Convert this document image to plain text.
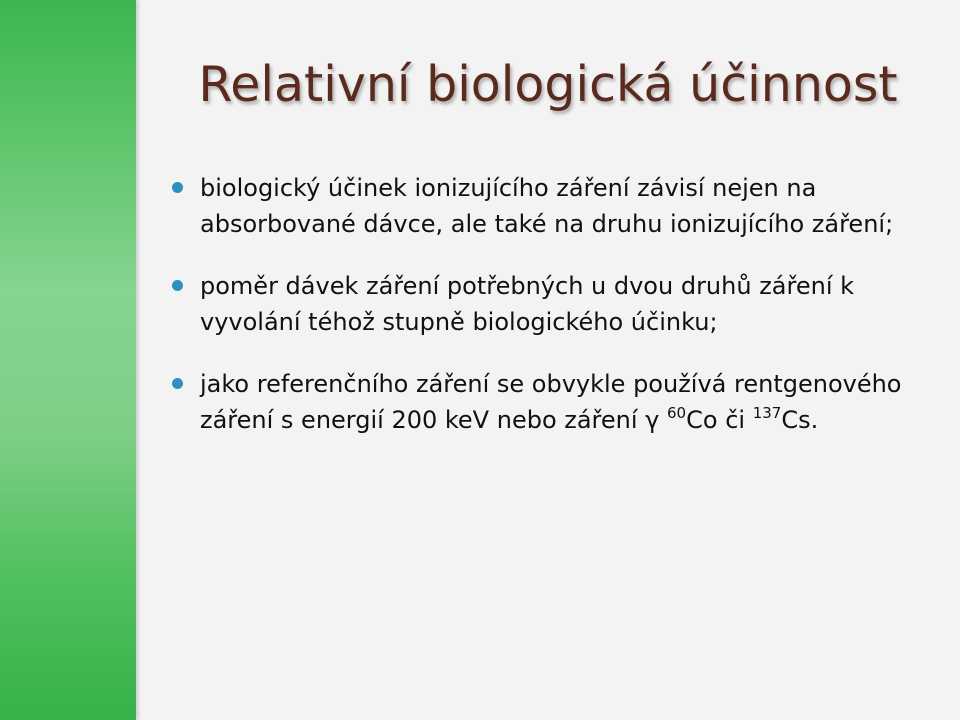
Relativní biologická účinnost
biologický účinek ionizujícího záření závisí nejen na absorbované dávce, ale také na druhu ionizujícího záření;
poměr dávek záření potřebných u dvou druhů záření k vyvolání téhož stupně biologického účinku;
jako referenčního záření se obvykle používá rentgenového záření s energií 200 keV nebo záření γ $^{60}$Co či $^{137}$Cs.
